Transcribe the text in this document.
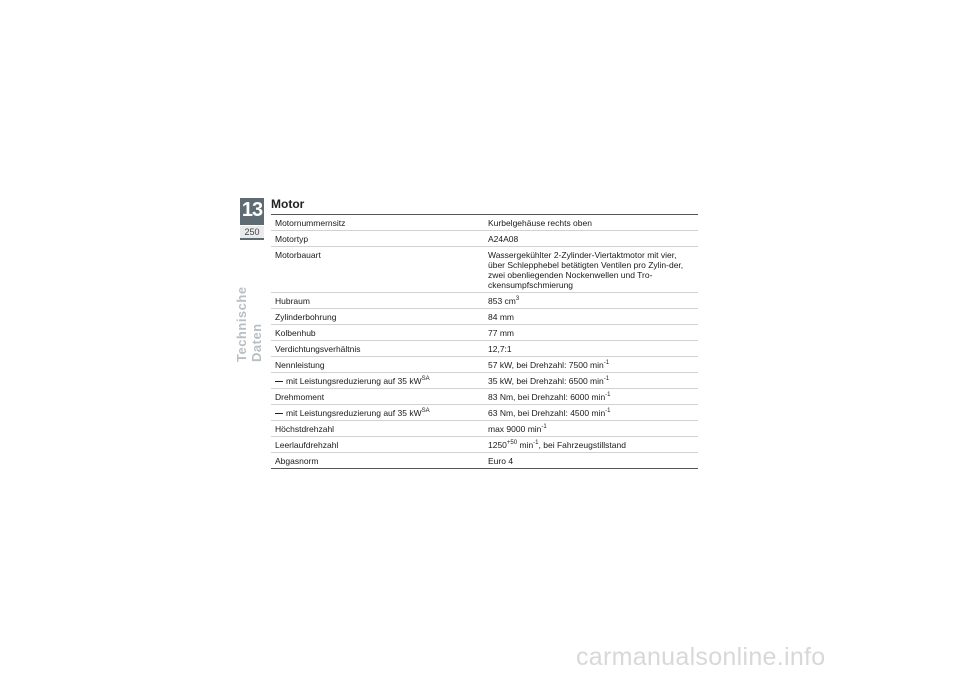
13
250
Technische Daten
Motor
Motornummernsitz	Kurbelgehäuse rechts oben
Motortyp	A24A08
Motorbauart	Wassergekühlter 2-Zylinder-Viertaktmotor mit vier, über Schlepphebel betätigten Ventilen pro Zylin-der, zwei obenliegenden Nockenwellen und Tro-ckensumpfschmierung
Hubraum	853 $cm^3$
Zylinderbohrung	84 mm
Kolbenhub	77 mm
Verdichtungsverhältnis	12,7:1
Nennleistung	57 kW, bei Drehzahl: 7500 $\min^{-1}$
mit Leistungsreduzierung auf 35 $kW^{SA}$	35 kW, bei Drehzahl: 6500 $\min^{-1}$
Drehmoment	83 Nm, bei Drehzahl: 6000 $\min^{-1}$
mit Leistungsreduzierung auf 35 $kW^{SA}$	63 Nm, bei Drehzahl: 4500 $\min^{-1}$
Höchstdrehzahl	max 9000 $\min^{-1}$
Leerlaufdrehzahl	$1250^{+50}$ $\min^{-1}$, bei Fahrzeugstillstand
Abgasnorm	Euro 4
carmanualsonline.info
